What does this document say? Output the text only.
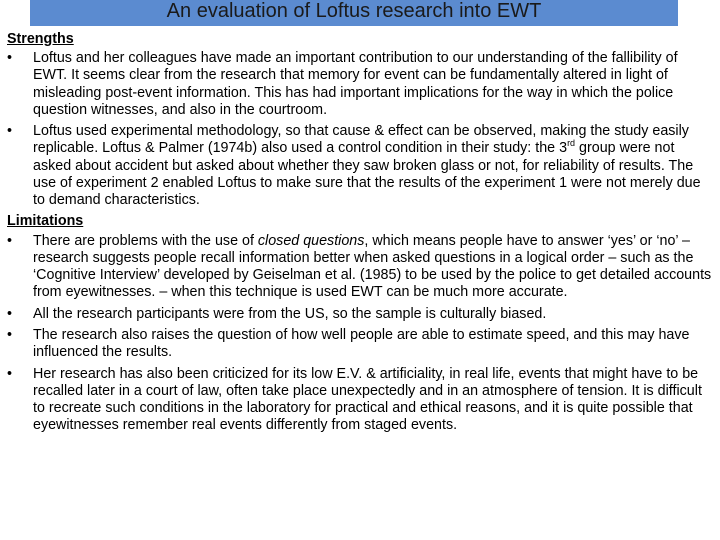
An evaluation of Loftus research into EWT
Strengths
•	Loftus and her colleagues have made an important contribution to our understanding of the fallibility of EWT. It seems clear from the research that memory for event can be fundamentally altered in light of misleading post-event information. This has had important implications for the way in which the police question witnesses, and also in the courtroom.
•	Loftus used experimental methodology, so that cause & effect can be observed, making the study easily replicable. Loftus & Palmer (1974b) also used a control condition in their study: the 3rd group were not asked about accident but asked about whether they saw broken glass or not, for reliability of results. The use of experiment 2 enabled Loftus to make sure that the results of the experiment 1 were not merely due to demand characteristics.
Limitations
•	There are problems with the use of closed questions, which means people have to answer ‘yes’ or ‘no’ – research suggests people recall information better when asked questions in a logical order – such as the ‘Cognitive Interview’ developed by Geiselman et al. (1985) to be used by the police to get detailed accounts from eyewitnesses. – when this technique is used EWT can be much more accurate.
•	All the research participants were from the US, so the sample is culturally biased.
•	The research also raises the question of how well people are able to estimate speed, and this may have influenced the results.
•	Her research has also been criticized for its low E.V. & artificiality, in real life, events that might have to be recalled later in a court of law, often take place unexpectedly and in an atmosphere of tension. It is difficult to recreate such conditions in the laboratory for practical and ethical reasons, and it is quite possible that eyewitnesses remember real events differently from staged events.
